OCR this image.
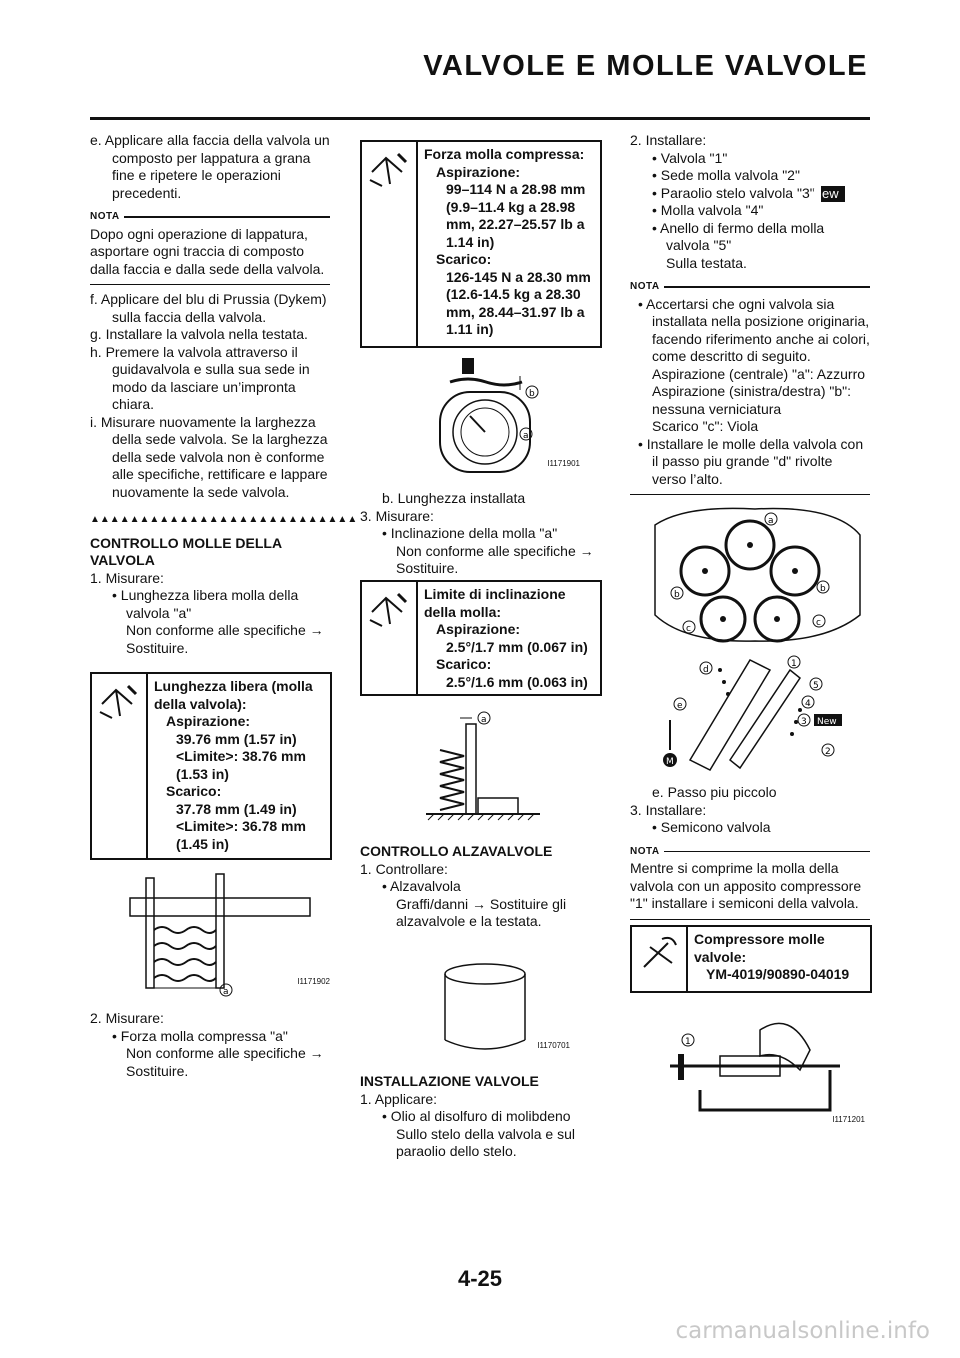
VALVOLE E MOLLE VALVOLE

e. Applicare alla faccia della valvola un composto per lappatura a grana fine e ripetere le operazioni precedenti.

NOTA

Dopo ogni operazione di lappatura, asportare ogni traccia di composto dalla faccia e dalla sede della valvola.

f. Applicare del blu di Prussia (Dykem) sulla faccia della valvola.

g. Installare la valvola nella testata.

h. Premere la valvola attraverso il guidavalvola e sulla sua sede in modo da lasciare un’impronta chiara.

i. Misurare nuovamente la larghezza della sede valvola. Se la larghezza della sede valvola non è conforme alle specifiche, rettificare e lappare nuovamente la sede valvola.

▲▲▲▲▲▲▲▲▲▲▲▲▲▲▲▲▲▲▲▲▲▲▲▲▲▲▲

CONTROLLO MOLLE DELLA VALVOLA

1. Misurare:

• Lunghezza libera molla della valvola "a"

Non conforme alle specifiche →

Sostituire.

Lunghezza libera (molla della valvola):

Aspirazione:

39.76 mm (1.57 in)

<Limite>: 38.76 mm

(1.53 in)

Scarico:

37.78 mm (1.49 in)

<Limite>: 36.78 mm

(1.45 in)

a
I1171902

2. Misurare:

• Forza molla compressa "a"

Non conforme alle specifiche →

Sostituire.

Forza molla compressa:

Aspirazione:

99–114 N a 28.98 mm

(9.9–11.4 kg a 28.98

mm, 22.27–25.57 lb a

1.14 in)

Scarico:

126-145 N a 28.30 mm

(12.6-14.5 kg a 28.30

mm, 28.44–31.97 lb a

1.11 in)

b
a
I1171901

b. Lunghezza installata

3. Misurare:

• Inclinazione della molla "a"

Non conforme alle specifiche →

Sostituire.

Limite di inclinazione della molla:

Aspirazione:

2.5°/1.7 mm (0.067 in)

Scarico:

2.5°/1.6 mm (0.063 in)

a

CONTROLLO ALZAVALVOLE

1. Controllare:

• Alzavalvola

Graffi/danni → Sostituire gli alzavalvole e la testata.

I1170701

INSTALLAZIONE VALVOLE

1. Applicare:

• Olio al disolfuro di molibdeno

Sullo stelo della valvola e sul paraolio dello stelo.

2. Installare:

• Valvola "1"

• Sede molla valvola "2"

• Paraolio stelo valvola "3" New

• Molla valvola "4"

• Anello di fermo della molla valvola "5"

Sulla testata.

NOTA

• Accertarsi che ogni valvola sia installata nella posizione originaria, facendo riferimento anche ai colori, come descritto di seguito.

Aspirazione (centrale) "a": Azzurro

Aspirazione (sinistra/destra) "b": nessuna verniciatura

Scarico "c": Viola

• Installare le molle della valvola con il passo piu grande "d" rivolte verso l’alto.

a
b
b
c
c
d
e
1
5
4
3 New
2
M

e. Passo piu piccolo

3. Installare:

• Semicono valvola

NOTA

Mentre si comprime la molla della valvola con un apposito compressore "1" installare i semiconi della valvola.

Compressore molle valvole:

YM-4019/90890-04019

1
I1171201
4-25
carmanualsonline.info
